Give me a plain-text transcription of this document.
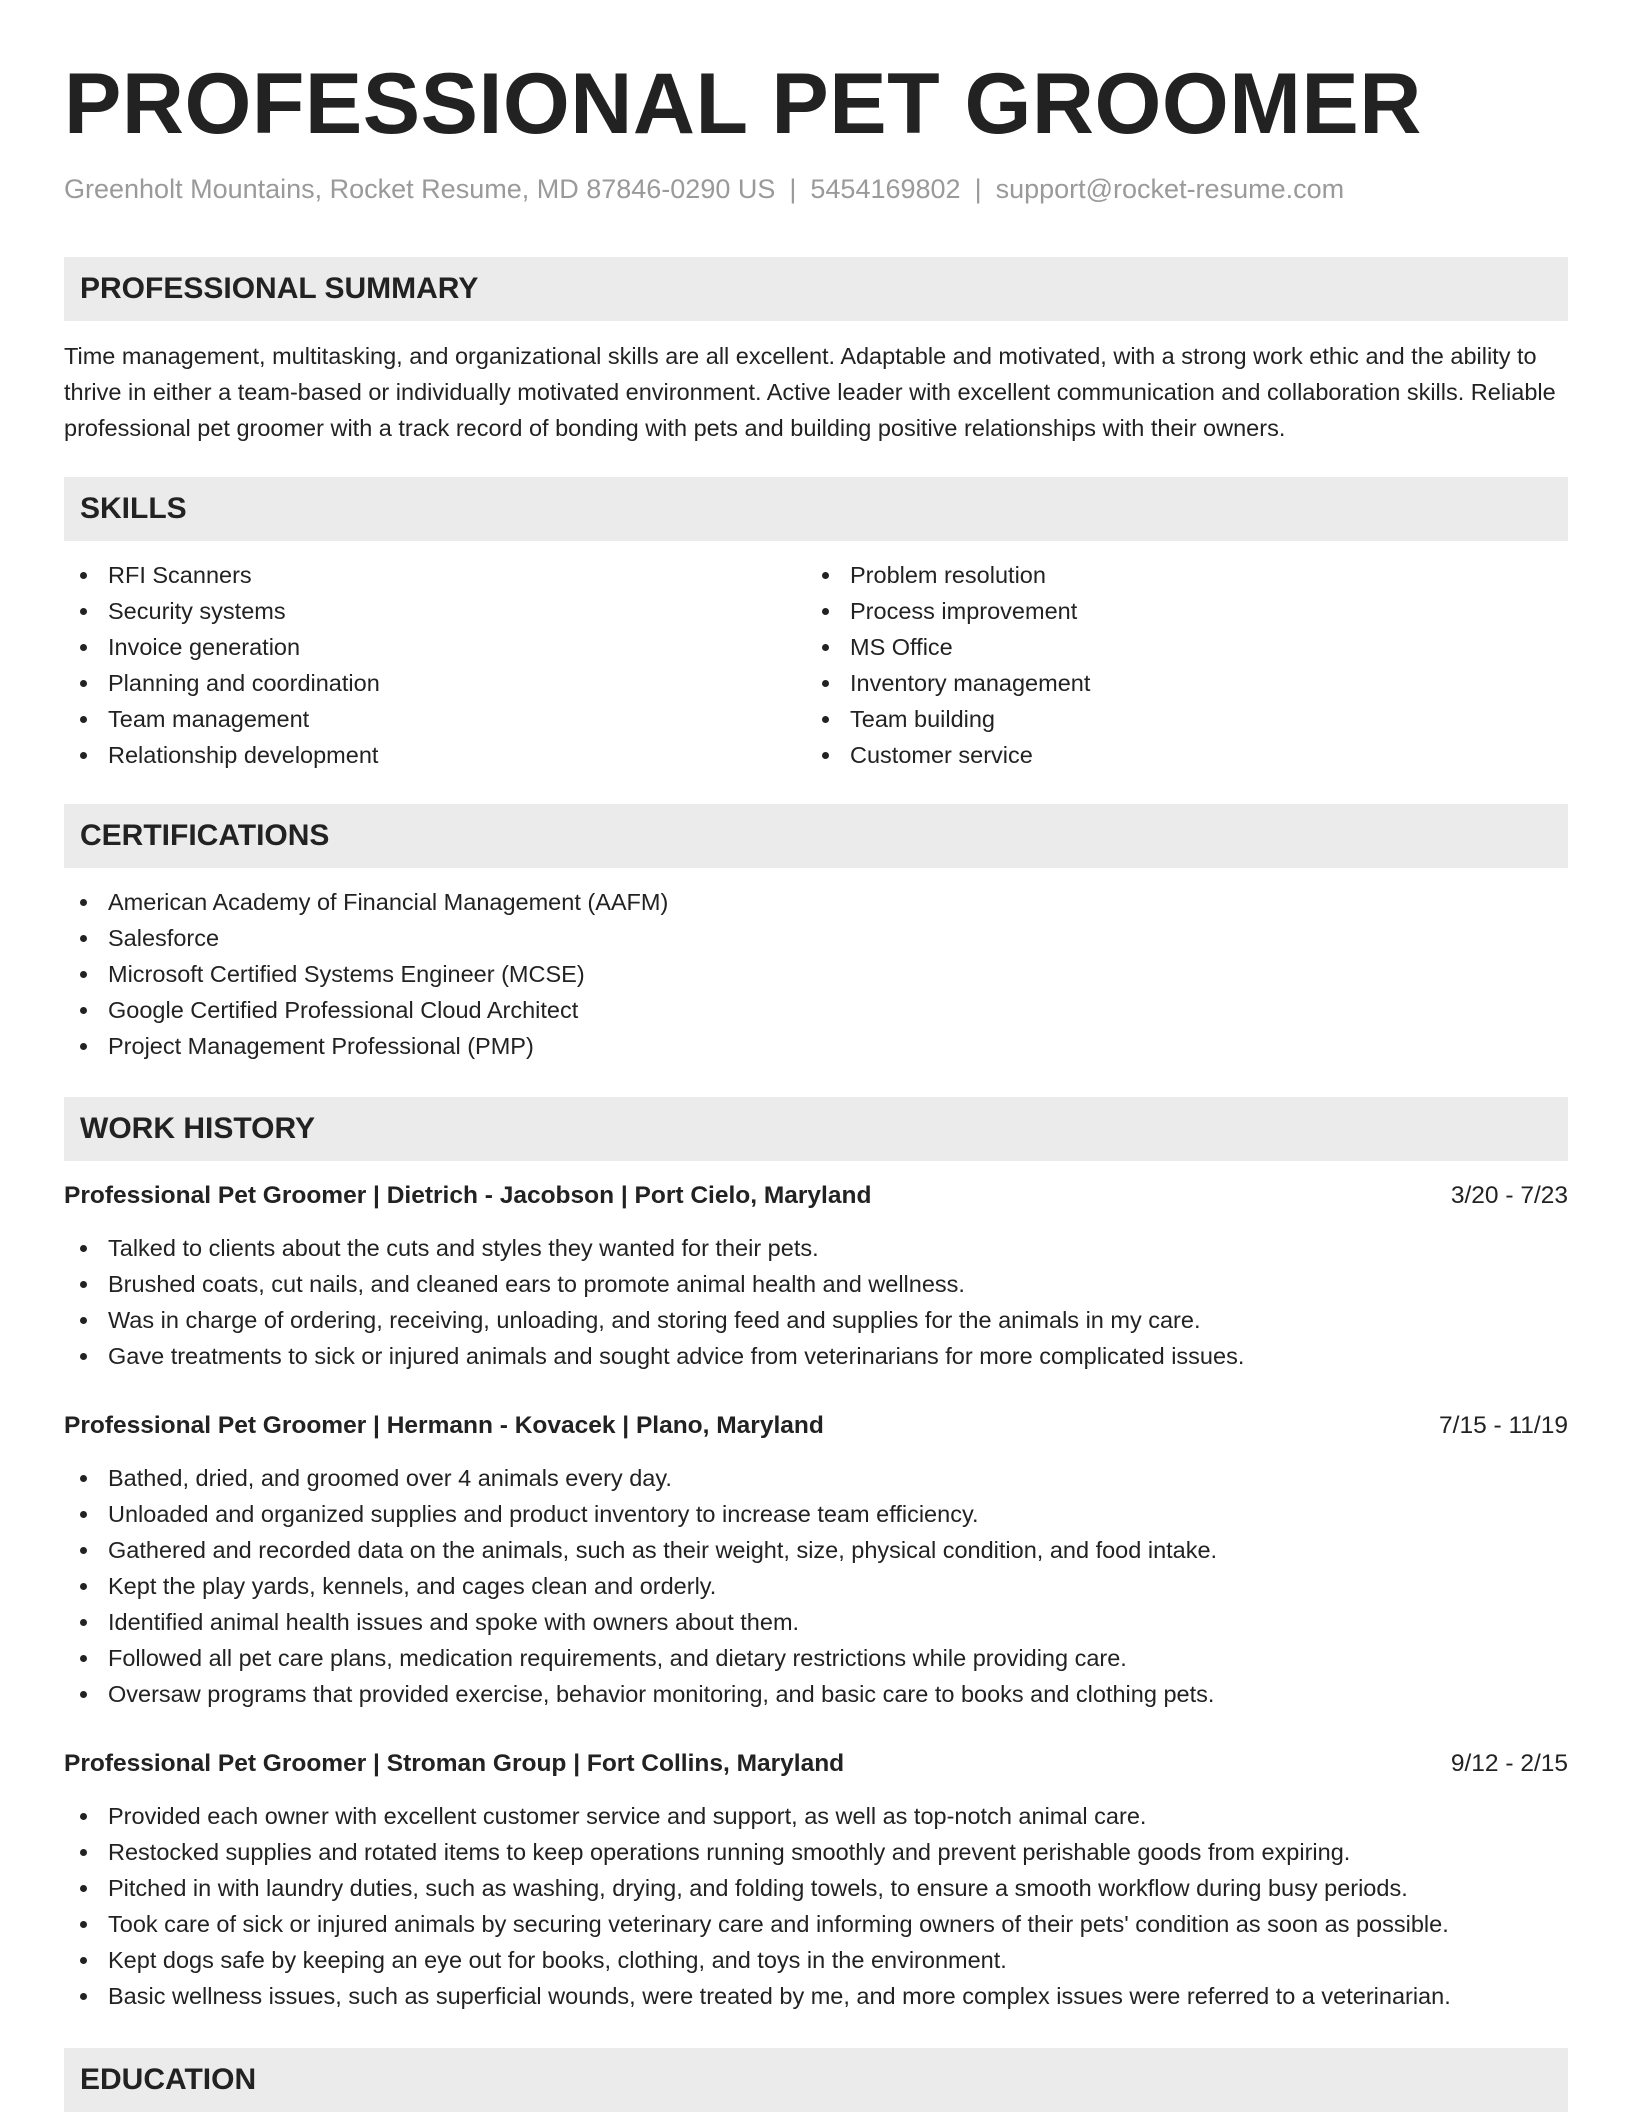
PROFESSIONAL PET GROOMER
Greenholt Mountains, Rocket Resume, MD 87846-0290 US | 5454169802 | support@rocket-resume.com
PROFESSIONAL SUMMARY

Time management, multitasking, and organizational skills are all excellent. Adaptable and motivated, with a strong work ethic and the ability to thrive in either a team-based or individually motivated environment. Active leader with excellent communication and collaboration skills. Reliable professional pet groomer with a track record of bonding with pets and building positive relationships with their owners.

SKILLS
RFI Scanners
Security systems
Invoice generation
Planning and coordination
Team management
Relationship development
Problem resolution
Process improvement
MS Office
Inventory management
Team building
Customer service
CERTIFICATIONS
American Academy of Financial Management (AAFM)
Salesforce
Microsoft Certified Systems Engineer (MCSE)
Google Certified Professional Cloud Architect
Project Management Professional (PMP)
WORK HISTORY
Professional Pet Groomer | Dietrich - Jacobson | Port Cielo, Maryland	3/20 - 7/23
Talked to clients about the cuts and styles they wanted for their pets.
Brushed coats, cut nails, and cleaned ears to promote animal health and wellness.
Was in charge of ordering, receiving, unloading, and storing feed and supplies for the animals in my care.
Gave treatments to sick or injured animals and sought advice from veterinarians for more complicated issues.
Professional Pet Groomer | Hermann - Kovacek | Plano, Maryland	7/15 - 11/19
Bathed, dried, and groomed over 4 animals every day.
Unloaded and organized supplies and product inventory to increase team efficiency.
Gathered and recorded data on the animals, such as their weight, size, physical condition, and food intake.
Kept the play yards, kennels, and cages clean and orderly.
Identified animal health issues and spoke with owners about them.
Followed all pet care plans, medication requirements, and dietary restrictions while providing care.
Oversaw programs that provided exercise, behavior monitoring, and basic care to books and clothing pets.
Professional Pet Groomer | Stroman Group | Fort Collins, Maryland	9/12 - 2/15
Provided each owner with excellent customer service and support, as well as top-notch animal care.
Restocked supplies and rotated items to keep operations running smoothly and prevent perishable goods from expiring.
Pitched in with laundry duties, such as washing, drying, and folding towels, to ensure a smooth workflow during busy periods.
Took care of sick or injured animals by securing veterinary care and informing owners of their pets' condition as soon as possible.
Kept dogs safe by keeping an eye out for books, clothing, and toys in the environment.
Basic wellness issues, such as superficial wounds, were treated by me, and more complex issues were referred to a veterinarian.
EDUCATION
